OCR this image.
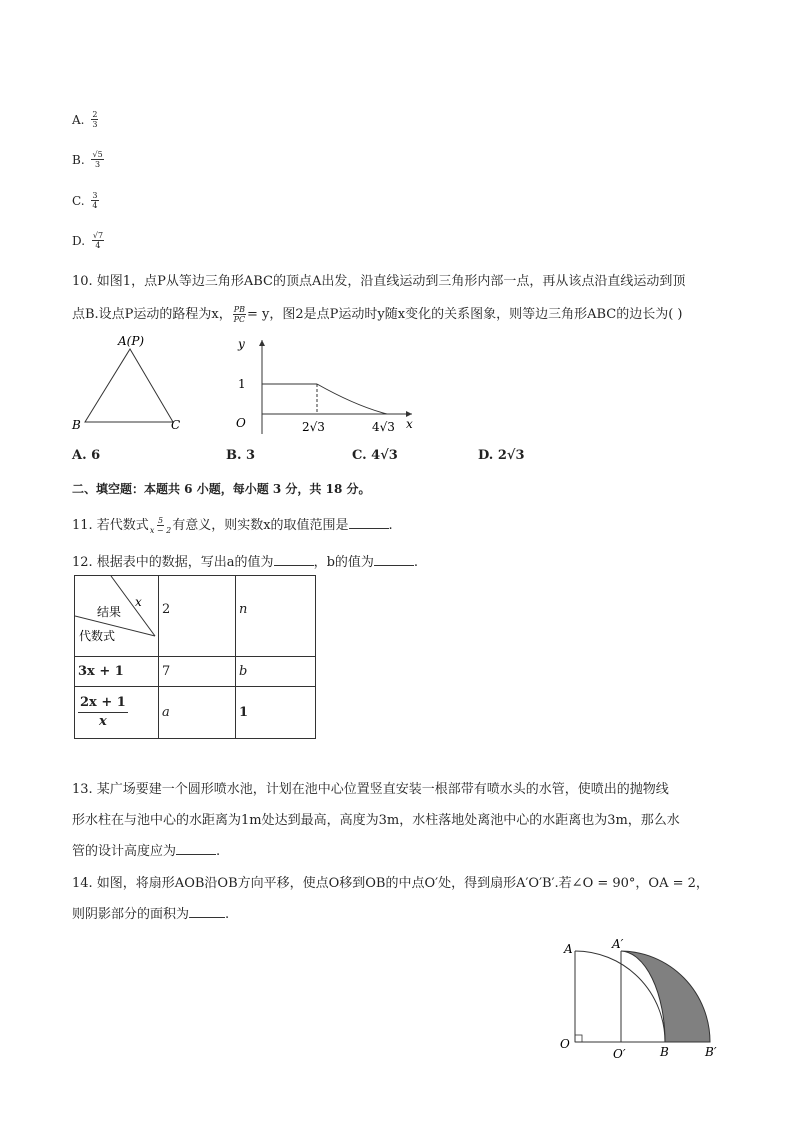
A. $\frac{2}{3}$
B. $\frac{√5}{3}$
C. $\frac{3}{4}$
D. $\frac{√7}{4}$
10. 如图1，点P从等边三角形ABC的顶点A出发，沿直线运动到三角形内部一点，再从该点沿直线运动到顶
点B.设点P运动的路程为x， $\frac{PB}{PC} = y$，图2是点P运动时y随x变化的关系图象，则等边三角形ABC的边长为( )
A(P)
B	C
y
x
1
O	2√3	4√3
A. 6	B. 3	C. 4√3	D. 2√3
二、填空题：本题共 6 小题，每小题 3 分，共 18 分。
11. 若代数式 $\frac{5}{x - 2}$ 有意义，则实数x的取值范围是	.
12. 根据表中的数据，写出a的值为	，b的值为	.
x
结果
代数式	2	n
3x + 1	7	b

$\frac{2x + 1}{x}$	a	1
13. 某广场要建一个圆形喷水池，计划在池中心位置竖直安装一根部带有喷水头的水管，使喷出的抛物线
形水柱在与池中心的水距离为1m处达到最高，高度为3m，水柱落地处离池中心的水距离也为3m，那么水
管的设计高度应为	.
14. 如图，将扇形AOB沿OB方向平移，使点O移到OB的中点O′处，得到扇形A′O′B′.若∠O = 90°，OA = 2，
则阴影部分的面积为	.
A	A′
O
O′	B	B′
